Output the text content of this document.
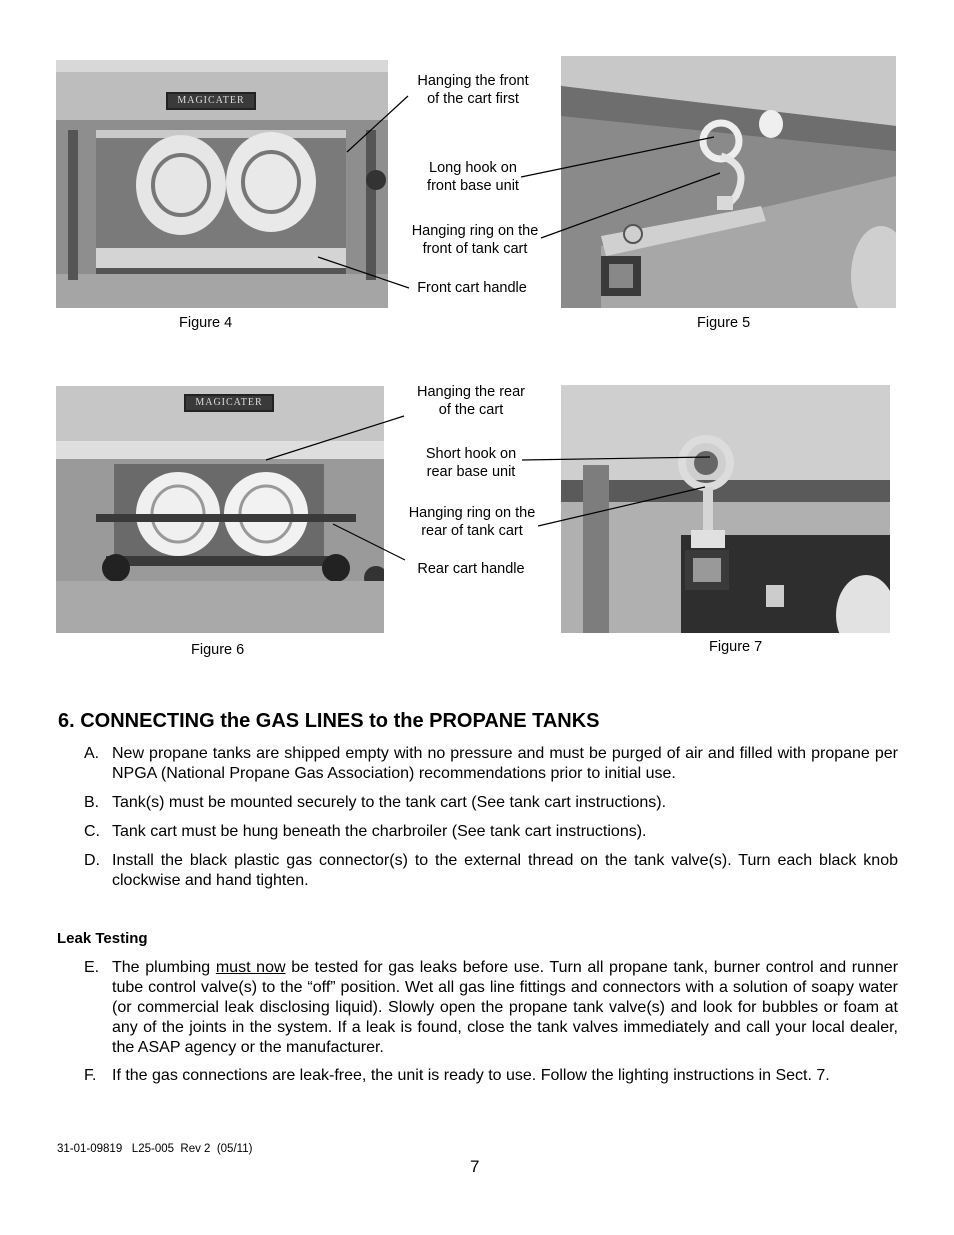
MAGICATER
MAGICATER
Hanging the front
of the cart first
Long hook on
front base unit
Hanging ring on the
front of tank cart
Front cart handle
Hanging the rear
of the cart
Short hook on
rear base unit
Hanging ring on the
rear of tank cart
Rear cart handle
Figure 4	Figure 5
Figure 6	Figure 7
6. CONNECTING the GAS LINES to the PROPANE TANKS
A. New propane tanks are shipped empty with no pressure and must be purged of air and filled with propane per NPGA (National Propane Gas Association) recommendations prior to initial use.
B. Tank(s) must be mounted securely to the tank cart (See tank cart instructions).
C. Tank cart must be hung beneath the charbroiler (See tank cart instructions).
D. Install the black plastic gas connector(s) to the external thread on the tank valve(s). Turn each black knob clockwise and hand tighten.
Leak Testing
E. The plumbing must now be tested for gas leaks before use. Turn all propane tank, burner control and runner tube control valve(s) to the “off” position. Wet all gas line fittings and connectors with a solution of soapy water (or commercial leak disclosing liquid). Slowly open the propane tank valve(s) and look for bubbles or foam at any of the joints in the system. If a leak is found, close the tank valves immediately and call your local dealer, the ASAP agency or the manufacturer.
F. If the gas connections are leak-free, the unit is ready to use. Follow the lighting instructions in Sect. 7.
31-01-09819   L25-005  Rev 2  (05/11)
7
